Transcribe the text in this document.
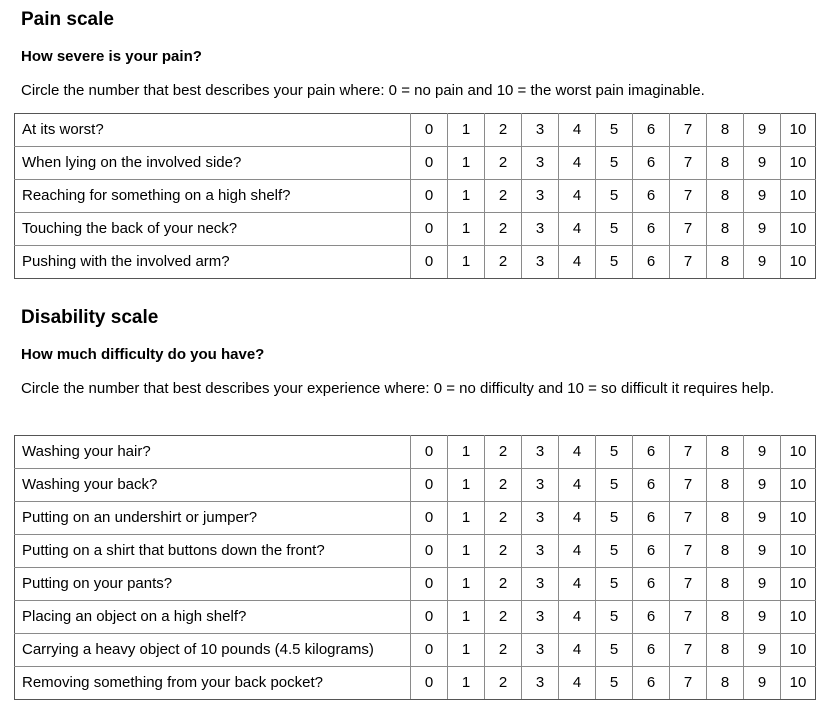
Pain scale
How severe is your pain?
Circle the number that best describes your pain where: 0 = no pain and 10 = the worst pain imaginable.
At its worst?	0	1	2	3	4	5	6	7	8	9	10
When lying on the involved side?	0	1	2	3	4	5	6	7	8	9	10
Reaching for something on a high shelf?	0	1	2	3	4	5	6	7	8	9	10
Touching the back of your neck?	0	1	2	3	4	5	6	7	8	9	10
Pushing with the involved arm?	0	1	2	3	4	5	6	7	8	9	10
Disability scale
How much difficulty do you have?
Circle the number that best describes your experience where: 0 = no difficulty and 10 = so difficult it requires help.
Washing your hair?	0	1	2	3	4	5	6	7	8	9	10
Washing your back?	0	1	2	3	4	5	6	7	8	9	10
Putting on an undershirt or jumper?	0	1	2	3	4	5	6	7	8	9	10
Putting on a shirt that buttons down the front?	0	1	2	3	4	5	6	7	8	9	10
Putting on your pants?	0	1	2	3	4	5	6	7	8	9	10
Placing an object on a high shelf?	0	1	2	3	4	5	6	7	8	9	10
Carrying a heavy object of 10 pounds (4.5 kilograms)	0	1	2	3	4	5	6	7	8	9	10
Removing something from your back pocket?	0	1	2	3	4	5	6	7	8	9	10
